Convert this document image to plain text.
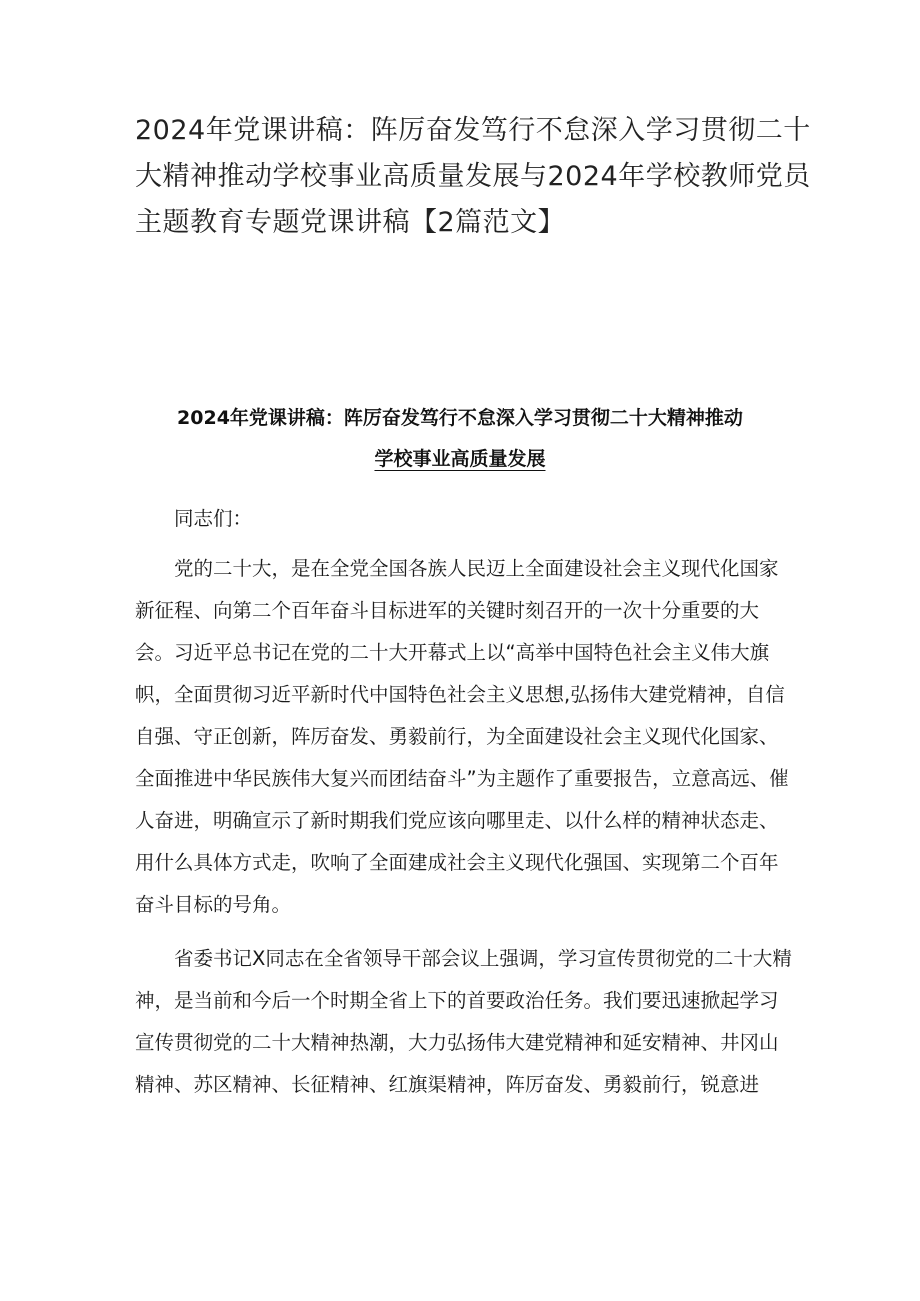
2024年党课讲稿：阵厉奋发笃行不怠深入学习贯彻二十大精神推动学校事业高质量发展与2024年学校教师党员主题教育专题党课讲稿【2篇范文】
2024年党课讲稿：阵厉奋发笃行不怠深入学习贯彻二十大精神推动
学校事业高质量发展

同志们：

党的二十大，是在全党全国各族人民迈上全面建设社会主义现代化国家新征程、向第二个百年奋斗目标进军的关键时刻召开的一次十分重要的大会。习近平总书记在党的二十大开幕式上以“高举中国特色社会主义伟大旗帜，全面贯彻习近平新时代中国特色社会主义思想,弘扬伟大建党精神，自信自强、守正创新，阵厉奋发、勇毅前行，为全面建设社会主义现代化国家、全面推进中华民族伟大复兴而团结奋斗”为主题作了重要报告，立意高远、催人奋进，明确宣示了新时期我们党应该向哪里走、以什么样的精神状态走、用什么具体方式走，吹响了全面建成社会主义现代化强国、实现第二个百年奋斗目标的号角。

省委书记X同志在全省领导干部会议上强调，学习宣传贯彻党的二十大精神，是当前和今后一个时期全省上下的首要政治任务。我们要迅速掀起学习宣传贯彻党的二十大精神热潮，大力弘扬伟大建党精神和延安精神、井冈山精神、苏区精神、长征精神、红旗渠精神，阵厉奋发、勇毅前行，锐意进
